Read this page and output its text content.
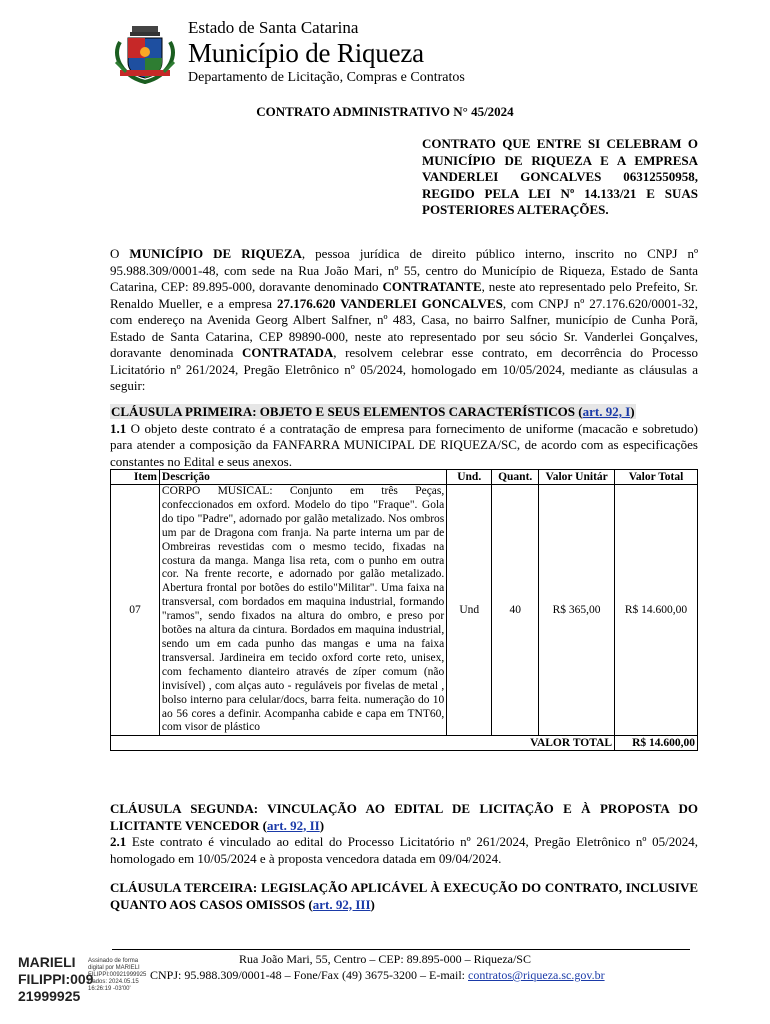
Estado de Santa Catarina
Município de Riqueza
Departamento de Licitação, Compras e Contratos
CONTRATO ADMINISTRATIVO N° 45/2024
CONTRATO QUE ENTRE SI CELEBRAM O MUNICÍPIO DE RIQUEZA E A EMPRESA VANDERLEI GONCALVES 06312550958, REGIDO PELA LEI Nº 14.133/21 E SUAS POSTERIORES ALTERAÇÕES.
O MUNICÍPIO DE RIQUEZA, pessoa jurídica de direito público interno, inscrito no CNPJ nº 95.988.309/0001-48, com sede na Rua João Mari, nº 55, centro do Município de Riqueza, Estado de Santa Catarina, CEP: 89.895-000, doravante denominado CONTRATANTE, neste ato representado pelo Prefeito, Sr. Renaldo Mueller, e a empresa 27.176.620 VANDERLEI GONCALVES, com CNPJ nº 27.176.620/0001-32, com endereço na Avenida Georg Albert Salfner, nº 483, Casa, no bairro Salfner, município de Cunha Porã, Estado de Santa Catarina, CEP 89890-000, neste ato representado por seu sócio Sr. Vanderlei Gonçalves, doravante denominada CONTRATADA, resolvem celebrar esse contrato, em decorrência do Processo Licitatório nº 261/2024, Pregão Eletrônico nº 05/2024, homologado em 10/05/2024, mediante as cláusulas a seguir:
CLÁUSULA PRIMEIRA: OBJETO E SEUS ELEMENTOS CARACTERÍSTICOS (art. 92, I)
1.1 O objeto deste contrato é a contratação de empresa para fornecimento de uniforme (macacão e sobretudo) para atender a composição da FANFARRA MUNICIPAL DE RIQUEZA/SC, de acordo com as especificações constantes no Edital e seus anexos.
Item	Descrição	Und.	Quant.	Valor Unitár	Valor Total
07	CORPO MUSICAL: Conjunto em três Peças, confeccionados em oxford. Modelo do tipo "Fraque". Gola do tipo "Padre", adornado por galão metalizado. Nos ombros um par de Dragona com franja. Na parte interna um par de Ombreiras revestidas com o mesmo tecido, fixadas na costura da manga. Manga lisa reta, com o punho em outra cor. Na frente recorte, e adornado por galão metalizado. Abertura frontal por botões do estilo"Militar". Uma faixa na transversal, com bordados em maquina industrial, formando "ramos", sendo fixados na altura do ombro, e preso por botões na altura da cintura. Bordados em maquina industrial, sendo um em cada punho das mangas e uma na faixa transversal. Jardineira em tecido oxford corte reto, unisex, com fechamento dianteiro através de zíper comum (não invisível) , com alças auto - reguláveis por fivelas de metal , bolso interno para celular/docs, barra feita. numeração do 10 ao 56 cores a definir. Acompanha cabide e capa em TNT60, com visor de plástico	Und	40	R$ 365,00	R$ 14.600,00
VALOR TOTAL					R$ 14.600,00
CLÁUSULA SEGUNDA: VINCULAÇÃO AO EDITAL DE LICITAÇÃO E À PROPOSTA DO LICITANTE VENCEDOR (art. 92, II)
2.1 Este contrato é vinculado ao edital do Processo Licitatório nº 261/2024, Pregão Eletrônico nº 05/2024, homologado em 10/05/2024 e à proposta vencedora datada em 09/04/2024.
CLÁUSULA TERCEIRA: LEGISLAÇÃO APLICÁVEL À EXECUÇÃO DO CONTRATO, INCLUSIVE QUANTO AOS CASOS OMISSOS (art. 92, III)
Rua João Mari, 55, Centro – CEP: 89.895-000 – Riqueza/SC
CNPJ: 95.988.309/0001-48 – Fone/Fax (49) 3675-3200 – E-mail: contratos@riqueza.sc.gov.br
MARIELI
FILIPPI:009
21999925
Assinado de forma
digital por MARIELI
FILIPPI:00921999925
Dados: 2024.05.15
16:26:19 -03'00'
